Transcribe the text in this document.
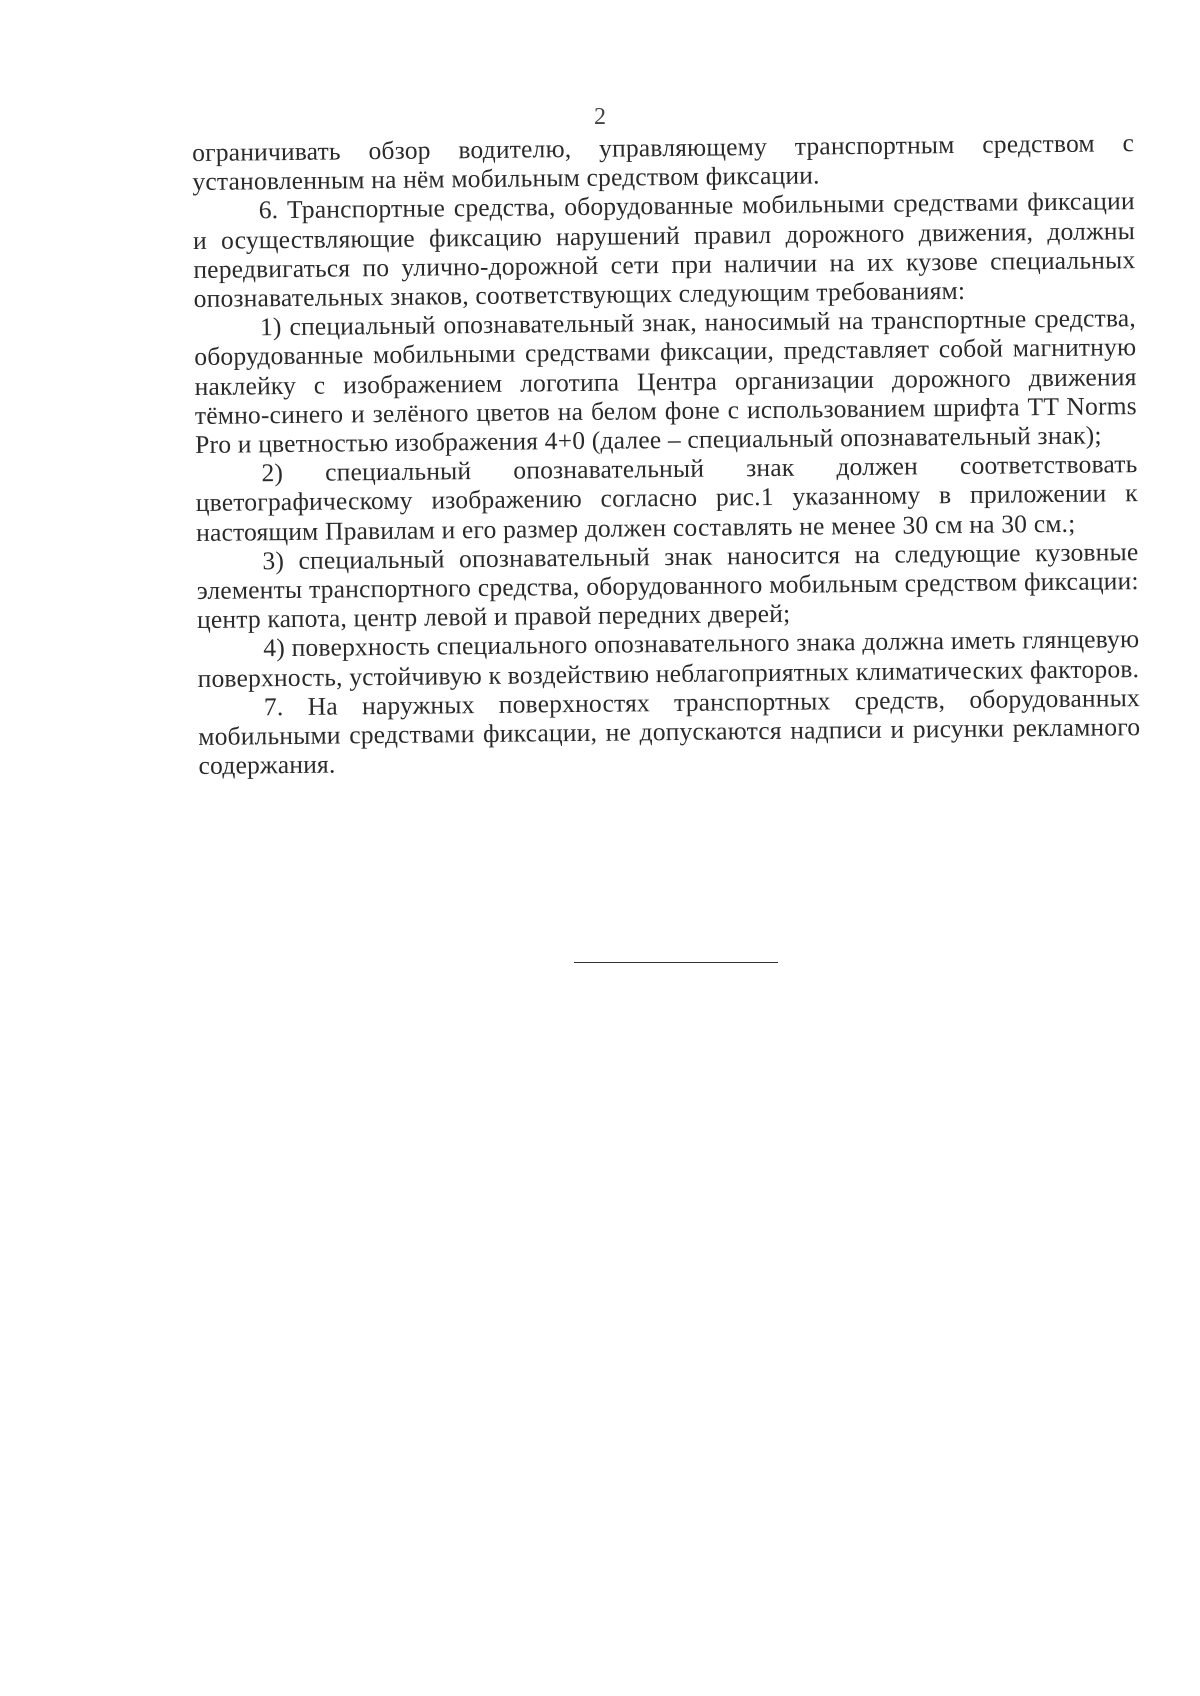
2

ограничивать обзор водителю, управляющему транспортным средством с установленным на нём мобильным средством фиксации.

6. Транспортные средства, оборудованные мобильными средствами фиксации и осуществляющие фиксацию нарушений правил дорожного движения, должны передвигаться по улично-дорожной сети при наличии на их кузове специальных опознавательных знаков, соответствующих следующим требованиям:

1) специальный опознавательный знак, наносимый на транспортные средства, оборудованные мобильными средствами фиксации, представляет собой магнитную наклейку с изображением логотипа Центра организации дорожного движения тёмно-синего и зелёного цветов на белом фоне с использованием шрифта TT Norms Pro и цветностью изображения 4+0 (далее – специальный опознавательный знак);

2) специальный опознавательный знак должен соответствовать цветографическому изображению согласно рис.1 указанному в приложении к настоящим Правилам и его размер должен составлять не менее 30 см на 30 см.;

3) специальный опознавательный знак наносится на следующие кузовные элементы транспортного средства, оборудованного мобильным средством фиксации: центр капота, центр левой и правой передних дверей;

4) поверхность специального опознавательного знака должна иметь глянцевую поверхность, устойчивую к воздействию неблагоприятных климатических факторов.

7. На наружных поверхностях транспортных средств, оборудованных мобильными средствами фиксации, не допускаются надписи и рисунки рекламного содержания.
